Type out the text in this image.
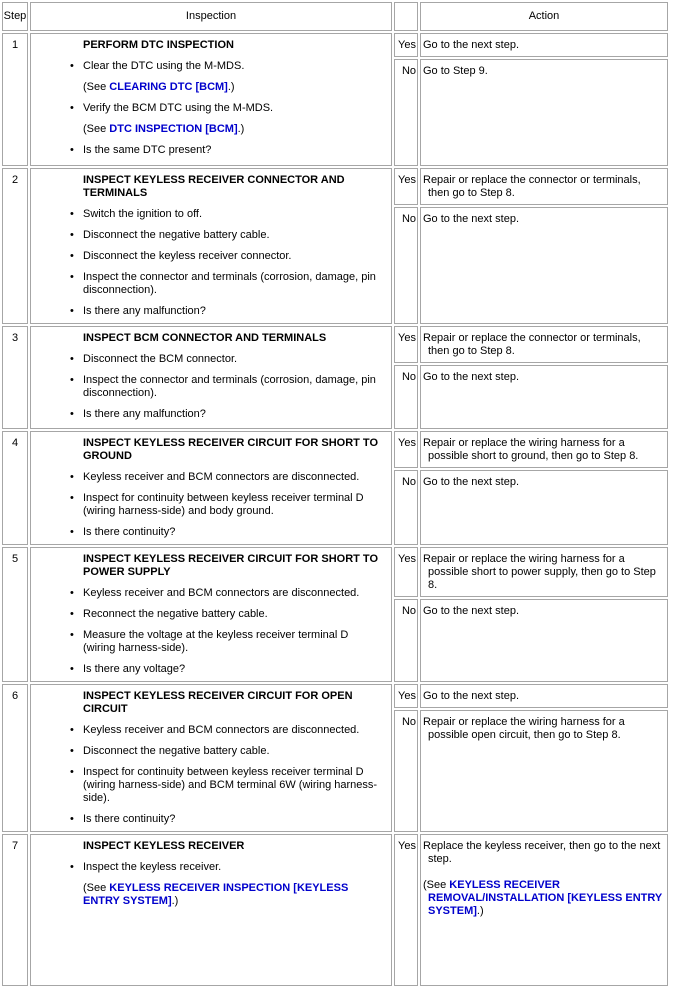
Step	Inspection		Action
1	PERFORM DTC INSPECTION
• Clear the DTC using the M-MDS.
(See CLEARING DTC [BCM].)
• Verify the BCM DTC using the M-MDS.
(See DTC INSPECTION [BCM].)
• Is the same DTC present?
	Yes	Go to the next step.

		No	Go to Step 9.

2	INSPECT KEYLESS RECEIVER CONNECTOR AND TERMINALS
• Switch the ignition to off.
• Disconnect the negative battery cable.
• Disconnect the keyless receiver connector.
• Inspect the connector and terminals (corrosion, damage, pin disconnection).
• Is there any malfunction?
	Yes	Repair or replace the connector or terminals, then go to Step 8.

		No	Go to the next step.

3	INSPECT BCM CONNECTOR AND TERMINALS
• Disconnect the BCM connector.
• Inspect the connector and terminals (corrosion, damage, pin disconnection).
• Is there any malfunction?
	Yes	Repair or replace the connector or terminals, then go to Step 8.

		No	Go to the next step.

4	INSPECT KEYLESS RECEIVER CIRCUIT FOR SHORT TO GROUND
• Keyless receiver and BCM connectors are disconnected.
• Inspect for continuity between keyless receiver terminal D (wiring harness-side) and body ground.
• Is there continuity?
	Yes	Repair or replace the wiring harness for a possible short to ground, then go to Step 8.

		No	Go to the next step.

5	INSPECT KEYLESS RECEIVER CIRCUIT FOR SHORT TO POWER SUPPLY
• Keyless receiver and BCM connectors are disconnected.
• Reconnect the negative battery cable.
• Measure the voltage at the keyless receiver terminal D (wiring harness-side).
• Is there any voltage?
	Yes	Repair or replace the wiring harness for a possible short to power supply, then go to Step 8.

		No	Go to the next step.

6	INSPECT KEYLESS RECEIVER CIRCUIT FOR OPEN CIRCUIT
• Keyless receiver and BCM connectors are disconnected.
• Disconnect the negative battery cable.
• Inspect for continuity between keyless receiver terminal D (wiring harness-side) and BCM terminal 6W (wiring harness-side).
• Is there continuity?
	Yes	Go to the next step.

		No	Repair or replace the wiring harness for a possible open circuit, then go to Step 8.

7	INSPECT KEYLESS RECEIVER
• Inspect the keyless receiver.
(See KEYLESS RECEIVER INSPECTION [KEYLESS ENTRY SYSTEM].)
	Yes	Replace the keyless receiver, then go to the next step.
(See KEYLESS RECEIVER REMOVAL/INSTALLATION [KEYLESS ENTRY SYSTEM].)
